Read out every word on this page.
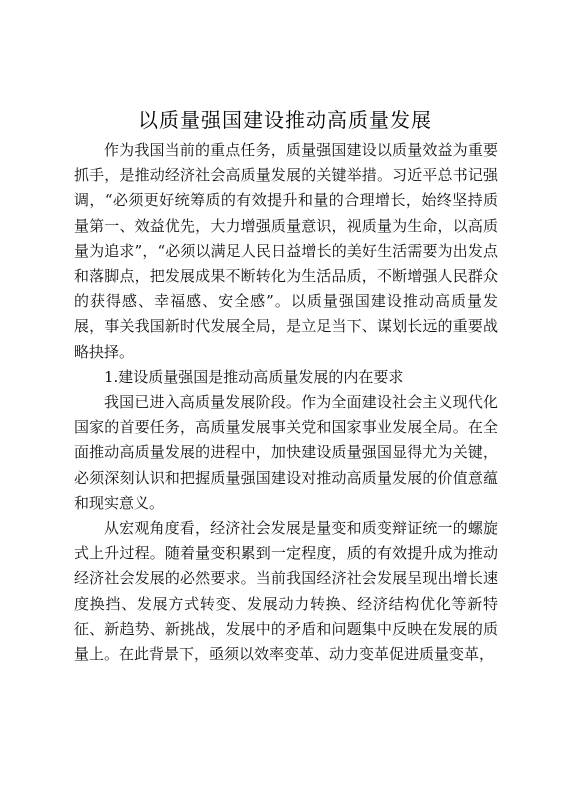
以质量强国建设推动高质量发展

作为我国当前的重点任务，质量强国建设以质量效益为重要抓手，是推动经济社会高质量发展的关键举措。习近平总书记强调，“必须更好统筹质的有效提升和量的合理增长，始终坚持质量第一、效益优先，大力增强质量意识，视质量为生命，以高质量为追求”，“必须以满足人民日益增长的美好生活需要为出发点和落脚点，把发展成果不断转化为生活品质，不断增强人民群众的获得感、幸福感、安全感”。以质量强国建设推动高质量发展，事关我国新时代发展全局，是立足当下、谋划长远的重要战略抉择。

1.建设质量强国是推动高质量发展的内在要求

我国已进入高质量发展阶段。作为全面建设社会主义现代化国家的首要任务，高质量发展事关党和国家事业发展全局。在全面推动高质量发展的进程中，加快建设质量强国显得尤为关键，必须深刻认识和把握质量强国建设对推动高质量发展的价值意蕴和现实意义。

从宏观角度看，经济社会发展是量变和质变辩证统一的螺旋式上升过程。随着量变积累到一定程度，质的有效提升成为推动经济社会发展的必然要求。当前我国经济社会发展呈现出增长速度换挡、发展方式转变、发展动力转换、经济结构优化等新特征、新趋势、新挑战，发展中的矛盾和问题集中反映在发展的质量上。在此背景下，亟须以效率变革、动力变革促进质量变革，
